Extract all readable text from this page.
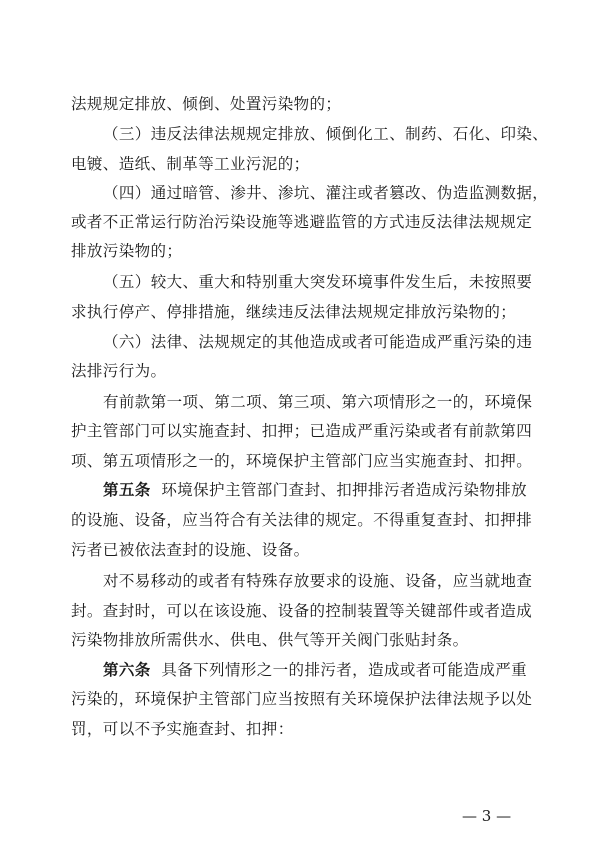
法规规定排放、倾倒、处置污染物的；
（三）违反法律法规规定排放、倾倒化工、制药、石化、印染、
电镀、造纸、制革等工业污泥的；
（四）通过暗管、渗井、渗坑、灌注或者篡改、伪造监测数据，
或者不正常运行防治污染设施等逃避监管的方式违反法律法规规定
排放污染物的；
（五）较大、重大和特别重大突发环境事件发生后，未按照要
求执行停产、停排措施，继续违反法律法规规定排放污染物的；
（六）法律、法规规定的其他造成或者可能造成严重污染的违
法排污行为。
有前款第一项、第二项、第三项、第六项情形之一的，环境保
护主管部门可以实施查封、扣押；已造成严重污染或者有前款第四
项、第五项情形之一的，环境保护主管部门应当实施查封、扣押。
第五条 环境保护主管部门查封、扣押排污者造成污染物排放
的设施、设备，应当符合有关法律的规定。不得重复查封、扣押排
污者已被依法查封的设施、设备。
对不易移动的或者有特殊存放要求的设施、设备，应当就地查
封。查封时，可以在该设施、设备的控制装置等关键部件或者造成
污染物排放所需供水、供电、供气等开关阀门张贴封条。
第六条 具备下列情形之一的排污者，造成或者可能造成严重
污染的，环境保护主管部门应当按照有关环境保护法律法规予以处
罚，可以不予实施查封、扣押：
— 3 —
